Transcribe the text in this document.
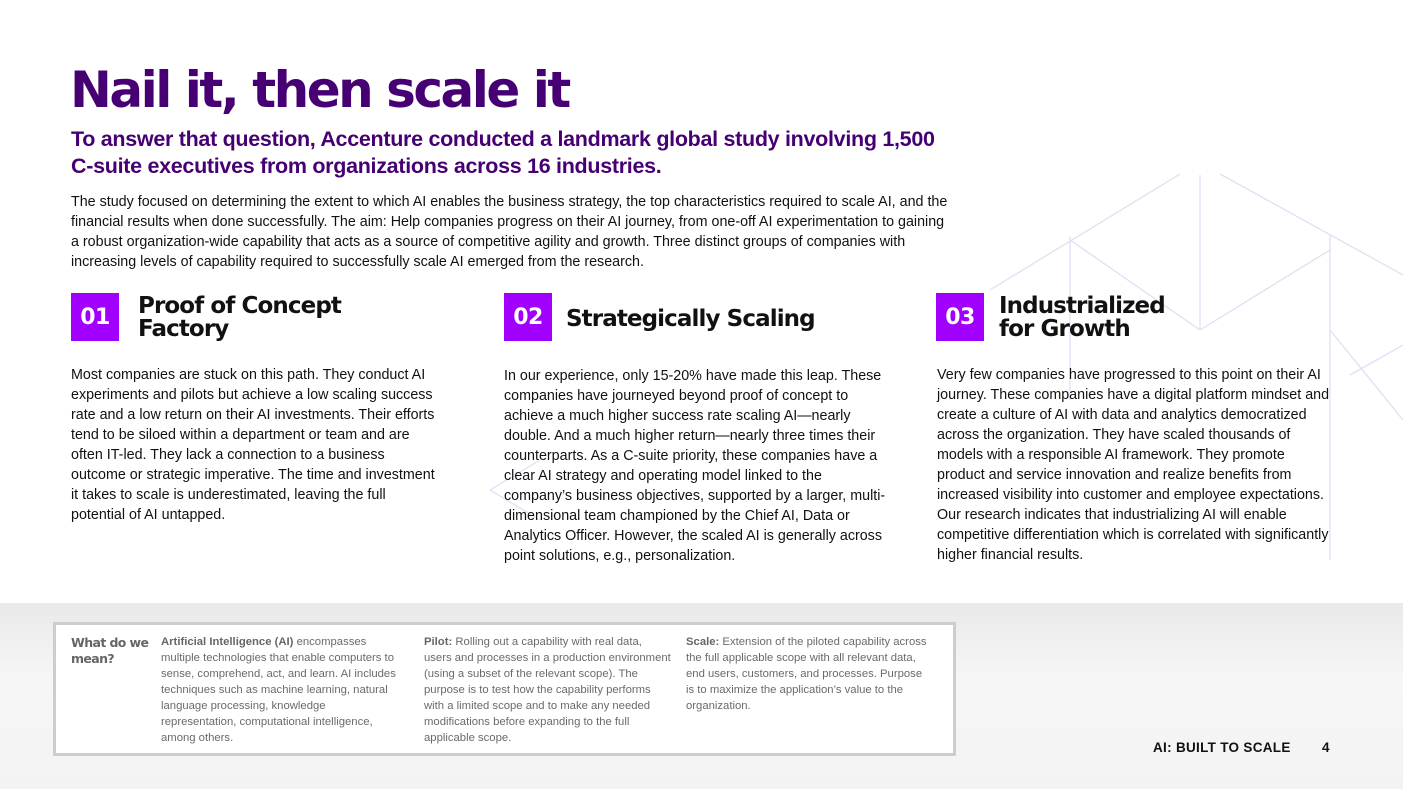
Nail it, then scale it

To answer that question, Accenture conducted a landmark global study involving 1,500 C-suite executives from organizations across 16 industries.

The study focused on determining the extent to which AI enables the business strategy, the top characteristics required to scale AI, and the financial results when done successfully. The aim: Help companies progress on their AI journey, from one-off AI experimentation to gaining a robust organization-wide capability that acts as a source of competitive agility and growth. Three distinct groups of companies with increasing levels of capability required to successfully scale AI emerged from the research.

01	Proof of Concept
Factory

Most companies are stuck on this path. They conduct AI experiments and pilots but achieve a low scaling success rate and a low return on their AI investments. Their efforts tend to be siloed within a department or team and are often IT-led. They lack a connection to a business outcome or strategic imperative. The time and investment it takes to scale is underestimated, leaving the full potential of AI untapped.

02	Strategically Scaling

In our experience, only 15-20% have made this leap. These companies have journeyed beyond proof of concept to achieve a much higher success rate scaling AI—nearly double. And a much higher return—nearly three times their counterparts. As a C-suite priority, these companies have a clear AI strategy and operating model linked to the company’s business objectives, supported by a larger, multi-dimensional team championed by the Chief AI, Data or Analytics Officer. However, the scaled AI is generally across point solutions, e.g., personalization.

03	Industrialized
for Growth

Very few companies have progressed to this point on their AI journey. These companies have a digital platform mindset and create a culture of AI with data and analytics democratized across the organization. They have scaled thousands of models with a responsible AI framework. They promote product and service innovation and realize benefits from increased visibility into customer and employee expectations. Our research indicates that industrializing AI will enable competitive differentiation which is correlated with significantly higher financial results.

What do we mean?
Artificial Intelligence (AI) encompasses multiple technologies that enable computers to sense, comprehend, act, and learn. AI includes techniques such as machine learning, natural language processing, knowledge representation, computational intelligence, among others.
Pilot: Rolling out a capability with real data, users and processes in a production environment (using a subset of the relevant scope). The purpose is to test how the capability performs with a limited scope and to make any needed modifications before expanding to the full applicable scope.
Scale: Extension of the piloted capability across the full applicable scope with all relevant data, end users, customers, and processes. Purpose is to maximize the application’s value to the organization.
AI: BUILT TO SCALE 4
